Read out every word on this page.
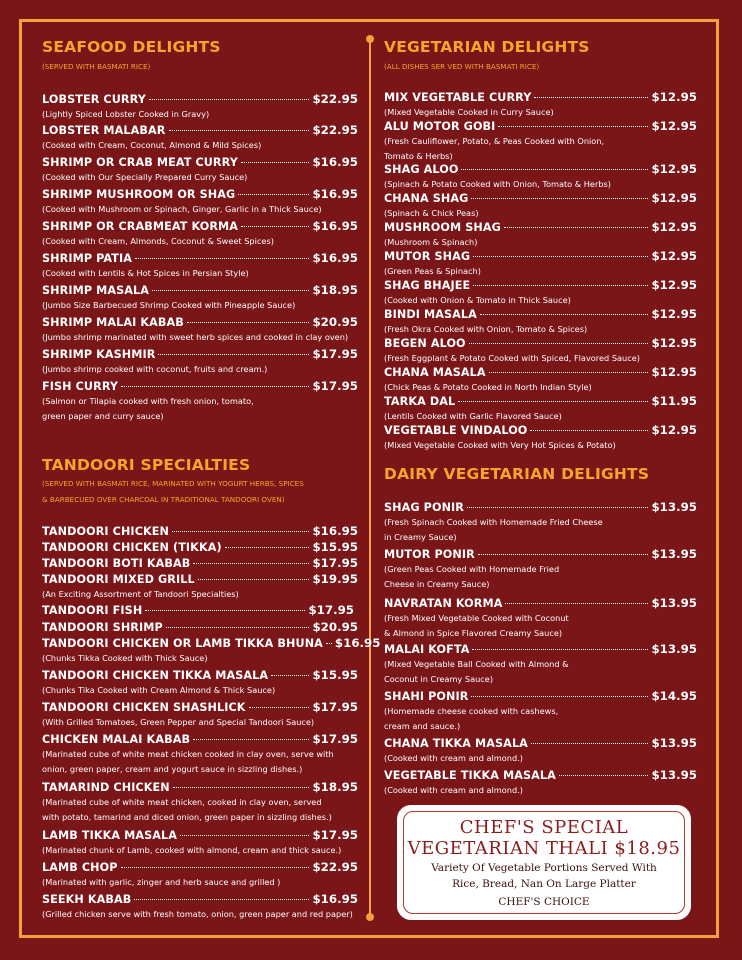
SEAFOOD DELIGHTS
(SERVED WITH BASMATI RICE)
LOBSTER CURRY	$22.95
(Lightly Spiced Lobster Cooked in Gravy)
LOBSTER MALABAR	$22.95
(Cooked with Cream, Coconut, Almond & Mild Spices)
SHRIMP OR CRAB MEAT CURRY	$16.95
(Cooked with Our Specially Prepared Curry Sauce)
SHRIMP MUSHROOM OR SHAG	$16.95
(Cooked with Mushroom or Spinach, Ginger, Garlic in a Thick Sauce)
SHRIMP OR CRABMEAT KORMA	$16.95
(Cooked with Cream, Almonds, Coconut & Sweet Spices)
SHRIMP PATIA	$16.95
(Cooked with Lentils & Hot Spices in Persian Style)
SHRIMP MASALA	$18.95
(Jumbo Size Barbecued Shrimp Cooked with Pineapple Sauce)
SHRIMP MALAI KABAB	$20.95
(Jumbo shrimp marinated with sweet herb spices and cooked in clay oven)
SHRIMP KASHMIR	$17.95
(Jumbo shrimp cooked with coconut, fruits and cream.)
FISH CURRY	$17.95
(Salmon or Tilapia cooked with fresh onion, tomato,
green paper and curry sauce)
TANDOORI SPECIALTIES
(SERVED WITH BASMATI RICE, MARINATED WITH YOGURT HERBS, SPICES
& BARBECUED OVER CHARCOAL IN TRADITIONAL TANDOORI OVEN)
TANDOORI CHICKEN	$16.95
TANDOORI CHICKEN (TIKKA)	$15.95
TANDOORI BOTI KABAB	$17.95
TANDOORI MIXED GRILL	$19.95
(An Exciting Assortment of Tandoori Specialties)
TANDOORI FISH	$17.95
TANDOORI SHRIMP	$20.95
TANDOORI CHICKEN OR LAMB TIKKA BHUNA $16.95
(Chunks Tikka Cooked with Thick Sauce)
TANDOORI CHICKEN TIKKA MASALA	$15.95
(Chunks Tika Cooked with Cream Almond & Thick Sauce)
TANDOORI CHICKEN SHASHLICK	$17.95
(With Grilled Tomatoes, Green Pepper and Special Tandoori Sauce)
CHICKEN MALAI KABAB	$17.95
(Marinated cube of white meat chicken cooked in clay oven, serve with
onion, green paper, cream and yogurt sauce in sizzling dishes.)
TAMARIND CHICKEN	$18.95
(Marinated cube of white meat chicken, cooked in clay oven, served
with potato, tamarind and diced onion, green paper in sizzling dishes.)
LAMB TIKKA MASALA	$17.95
(Marinated chunk of Lamb, cooked with almond, cream and thick sauce.)
LAMB CHOP	$22.95
(Marinated with garlic, zinger and herb sauce and grilled )
SEEKH KABAB	$16.95
(Grilled chicken serve with fresh tomato, onion, green paper and red paper)
VEGETARIAN DELIGHTS
(ALL DISHES SER VED WITH BASMATI RICE)
MIX VEGETABLE CURRY	$12.95
(Mixed Vegetable Cooked in Curry Sauce)
ALU MOTOR GOBI	$12.95
(Fresh Cauliflower, Potato, & Peas Cooked with Onion,
Tomato & Herbs)
SHAG ALOO	$12.95
(Spinach & Potato Cooked with Onion, Tomato & Herbs)
CHANA SHAG	$12.95
(Spinach & Chick Peas)
MUSHROOM SHAG	$12.95
(Mushroom & Spinach)
MUTOR SHAG	$12.95
(Green Peas & Spinach)
SHAG BHAJEE	$12.95
(Cooked with Onion & Tomato in Thick Sauce)
BINDI MASALA	$12.95
(Fresh Okra Cooked with Onion, Tomato & Spices)
BEGEN ALOO	$12.95
(Fresh Eggplant & Potato Cooked with Spiced, Flavored Sauce)
CHANA MASALA	$12.95
(Chick Peas & Potato Cooked in North Indian Style)
TARKA DAL	$11.95
(Lentils Cooked with Garlic Flavored Sauce)
VEGETABLE VINDALOO	$12.95
(Mixed Vegetable Cooked with Very Hot Spices & Potato)
DAIRY VEGETARIAN DELIGHTS
SHAG PONIR	$13.95
(Fresh Spinach Cooked with Homemade Fried Cheese
in Creamy Sauce)
MUTOR PONIR	$13.95
(Green Peas Cooked with Homemade Fried
Cheese in Creamy Sauce)
NAVRATAN KORMA	$13.95
(Fresh Mixed Vegetable Cooked with Coconut
& Almond in Spice Flavored Creamy Sauce)
MALAI KOFTA	$13.95
(Mixed Vegetable Ball Cooked with Almond &
Coconut in Creamy Sauce)
SHAHI PONIR	$14.95
(Homemade cheese cooked with cashews,
cream and sauce.)
CHANA TIKKA MASALA	$13.95
(Cooked with cream and almond.)
VEGETABLE TIKKA MASALA	$13.95
(Cooked with cream and almond.)
CHEF'S SPECIAL
VEGETARIAN THALI $18.95
Variety Of Vegetable Portions Served With
Rice, Bread, Nan On Large Platter
CHEF'S CHOICE
